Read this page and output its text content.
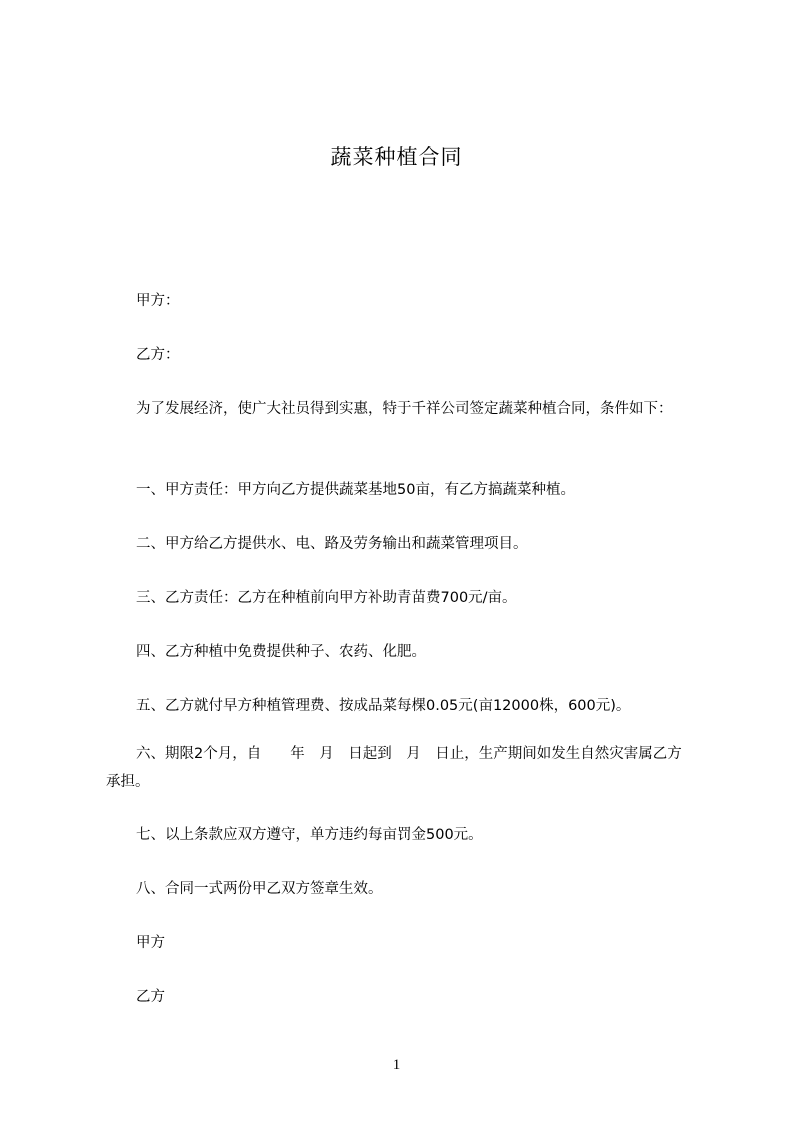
蔬菜种植合同

甲方：

乙方：

为了发展经济，使广大社员得到实惠，特于千祥公司签定蔬菜种植合同，条件如下：

一、甲方责任：甲方向乙方提供蔬菜基地50亩，有乙方搞蔬菜种植。

二、甲方给乙方提供水、电、路及劳务输出和蔬菜管理项目。

三、乙方责任：乙方在种植前向甲方补助青苗费700元/亩。

四、乙方种植中免费提供种子、农药、化肥。

五、乙方就付早方种植管理费、按成品菜每棵0.05元(亩12000株，600元)。

六、期限2个月，自　　年　月　日起到　月　日止，生产期间如发生自然灾害属乙方承担。

七、以上条款应双方遵守，单方违约每亩罚金500元。

八、合同一式两份甲乙双方签章生效。

甲方

乙方

1
